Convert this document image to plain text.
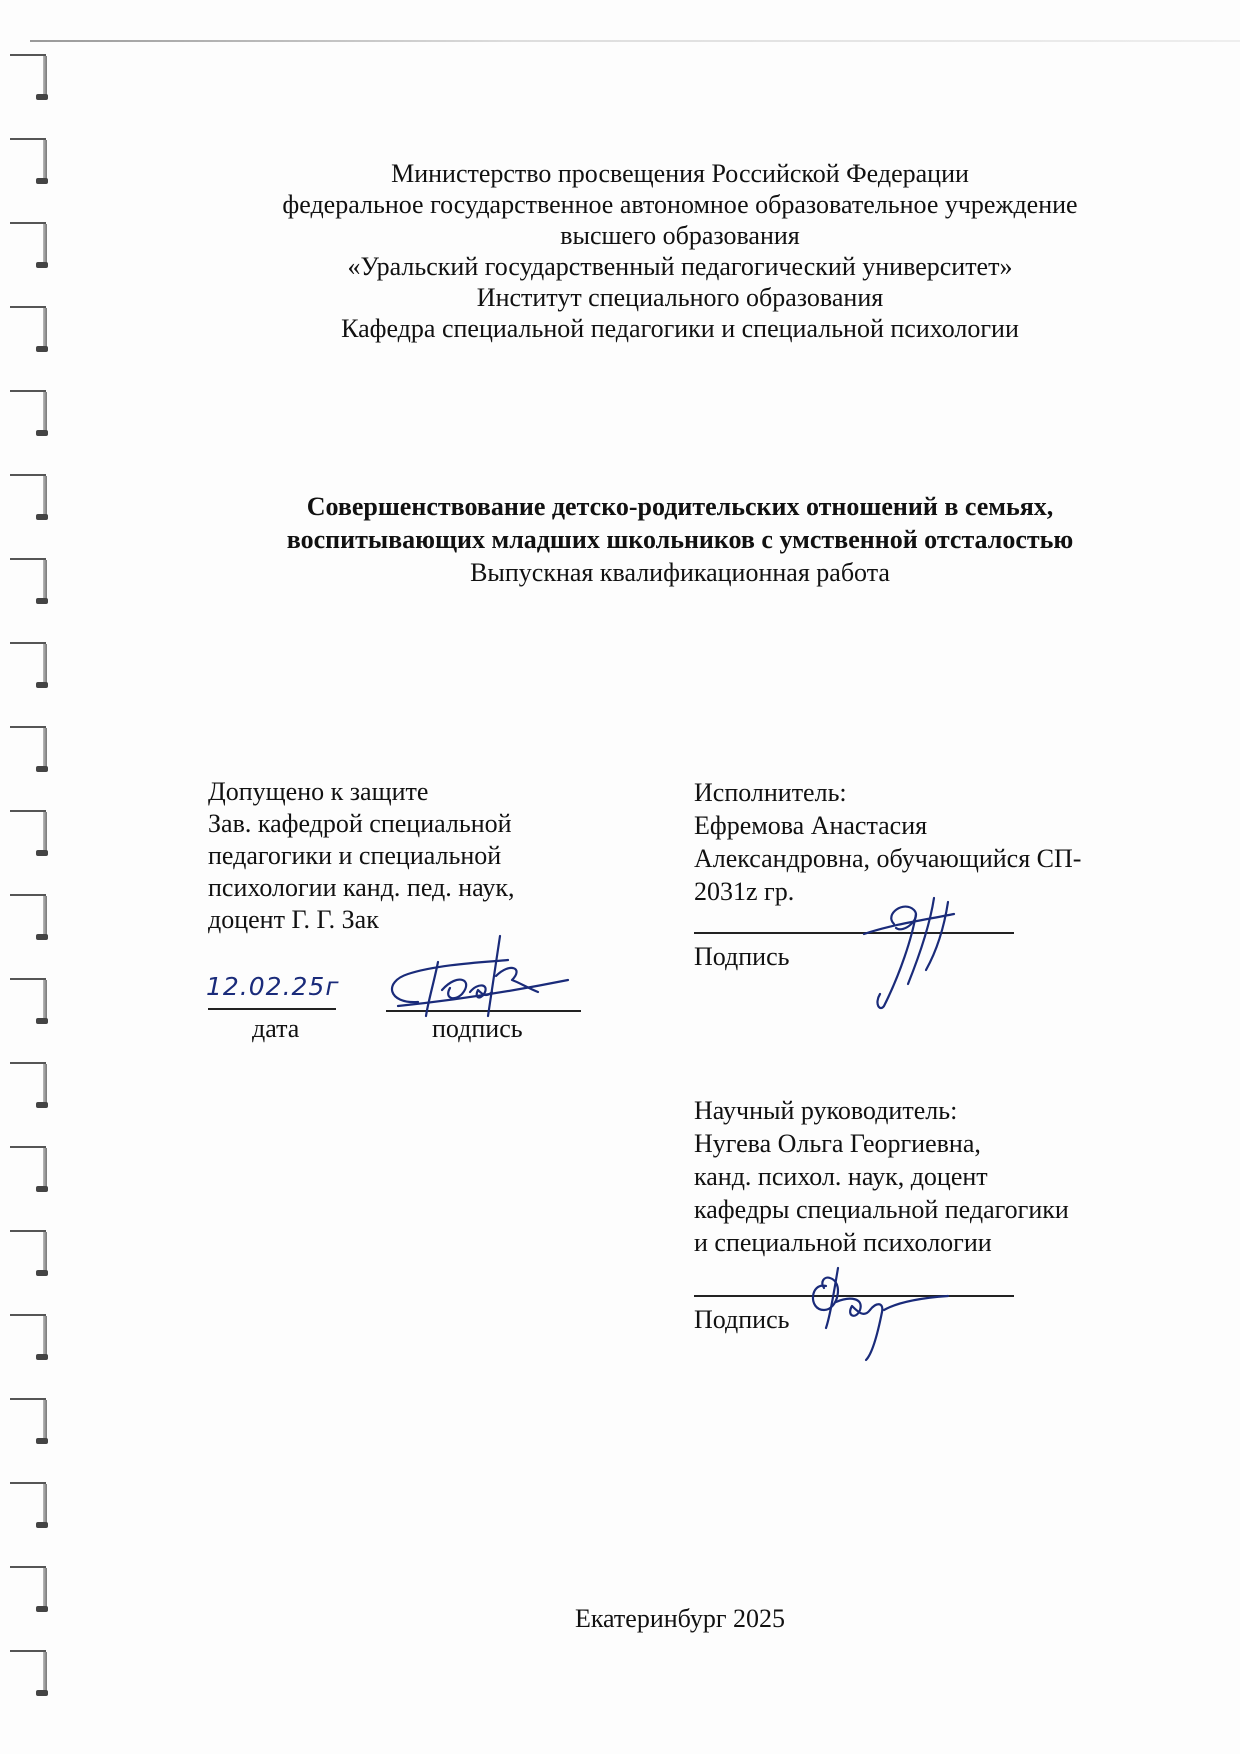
Министерство просвещения Российской Федерации
федеральное государственное автономное образовательное учреждение
высшего образования
«Уральский государственный педагогический университет»
Институт специального образования
Кафедра специальной педагогики и специальной психологии
Совершенствование детско-родительских отношений в семьях,
воспитывающих младших школьников с умственной отсталостью
Выпускная квалификационная работа
Допущено к защите
Зав. кафедрой специальной
педагогики и специальной
психологии канд. пед. наук,
доцент Г. Г. Зак
12.02.25г
дата	подпись
Исполнитель:
Ефремова Анастасия
Александровна, обучающийся СП-
2031z гр.
Подпись
Научный руководитель:
Нугева Ольга Георгиевна,
канд. психол. наук, доцент
кафедры специальной педагогики
и специальной психологии
Подпись
Екатеринбург 2025
